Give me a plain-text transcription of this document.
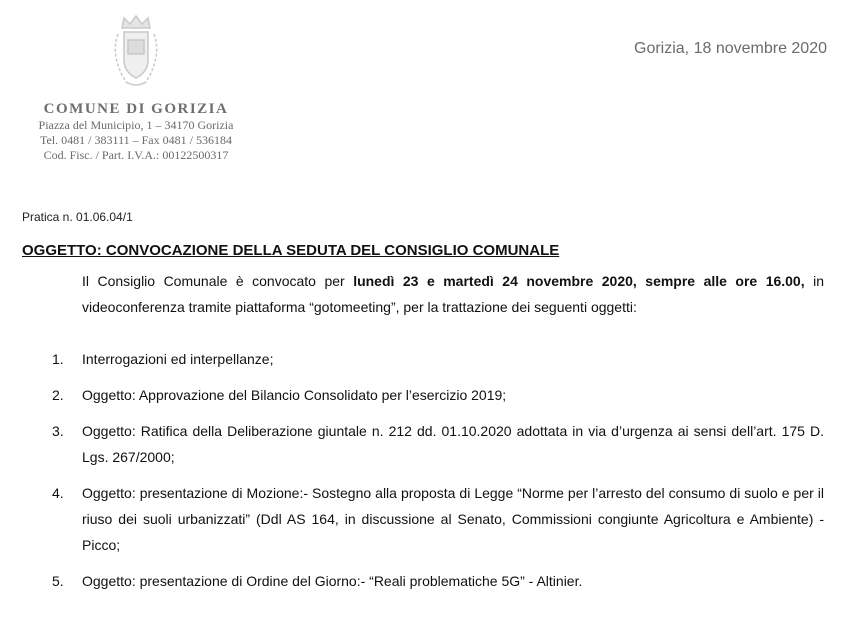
COMUNE DI GORIZIA
Piazza del Municipio, 1 – 34170 Gorizia
Tel. 0481 / 383111 – Fax 0481 / 536184
Cod. Fisc. / Part. I.V.A.: 00122500317
Gorizia, 18 novembre 2020
Pratica n. 01.06.04/1
OGGETTO: CONVOCAZIONE DELLA SEDUTA DEL CONSIGLIO COMUNALE
Il Consiglio Comunale è convocato per lunedì 23 e martedì 24 novembre 2020, sempre alle ore 16.00, in videoconferenza tramite piattaforma “gotomeeting”, per la trattazione dei seguenti oggetti:
1.	Interrogazioni ed interpellanze;
2.	Oggetto: Approvazione del Bilancio Consolidato per l’esercizio 2019;
3.	Oggetto: Ratifica della Deliberazione giuntale n. 212 dd. 01.10.2020 adottata in via d’urgenza ai sensi dell’art. 175 D. Lgs. 267/2000;
4.	Oggetto: presentazione di Mozione:- Sostegno alla proposta di Legge “Norme per l’arresto del consumo di suolo e per il riuso dei suoli urbanizzati” (Ddl AS 164, in discussione al Senato, Commissioni congiunte Agricoltura e Ambiente) - Picco;
5.	Oggetto: presentazione di Ordine del Giorno:- “Reali problematiche 5G” - Altinier.
